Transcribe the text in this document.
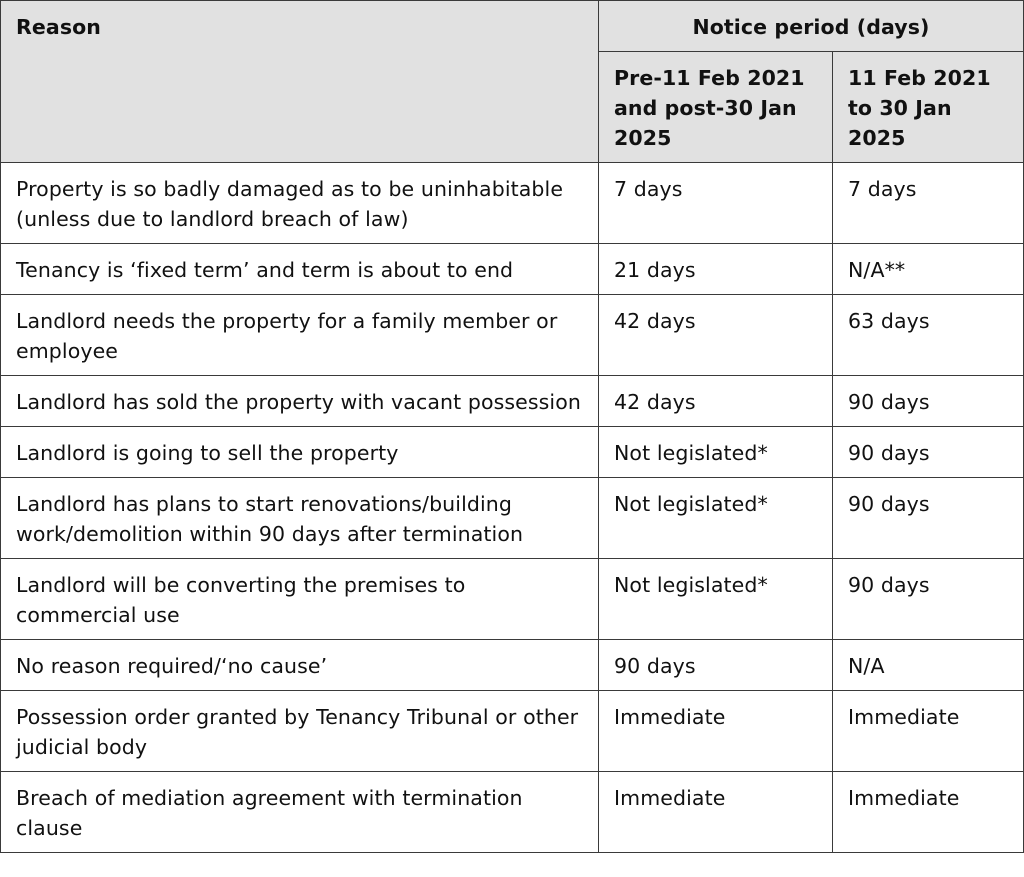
Reason	Notice period (days)	
	Pre-11 Feb 2021 and post-30 Jan 2025	11 Feb 2021 to 30 Jan 2025
Property is so badly damaged as to be uninhabitable (unless due to landlord breach of law)	7 days	7 days
Tenancy is ‘fixed term’ and term is about to end	21 days	N/A**
Landlord needs the property for a family member or employee	42 days	63 days
Landlord has sold the property with vacant possession	42 days	90 days
Landlord is going to sell the property	Not legislated*	90 days
Landlord has plans to start renovations/building work/demolition within 90 days after termination	Not legislated*	90 days
Landlord will be converting the premises to commercial use	Not legislated*	90 days
No reason required/‘no cause’	90 days	N/A
Possession order granted by Tenancy Tribunal or other judicial body	Immediate	Immediate
Breach of mediation agreement with termination clause	Immediate	Immediate
